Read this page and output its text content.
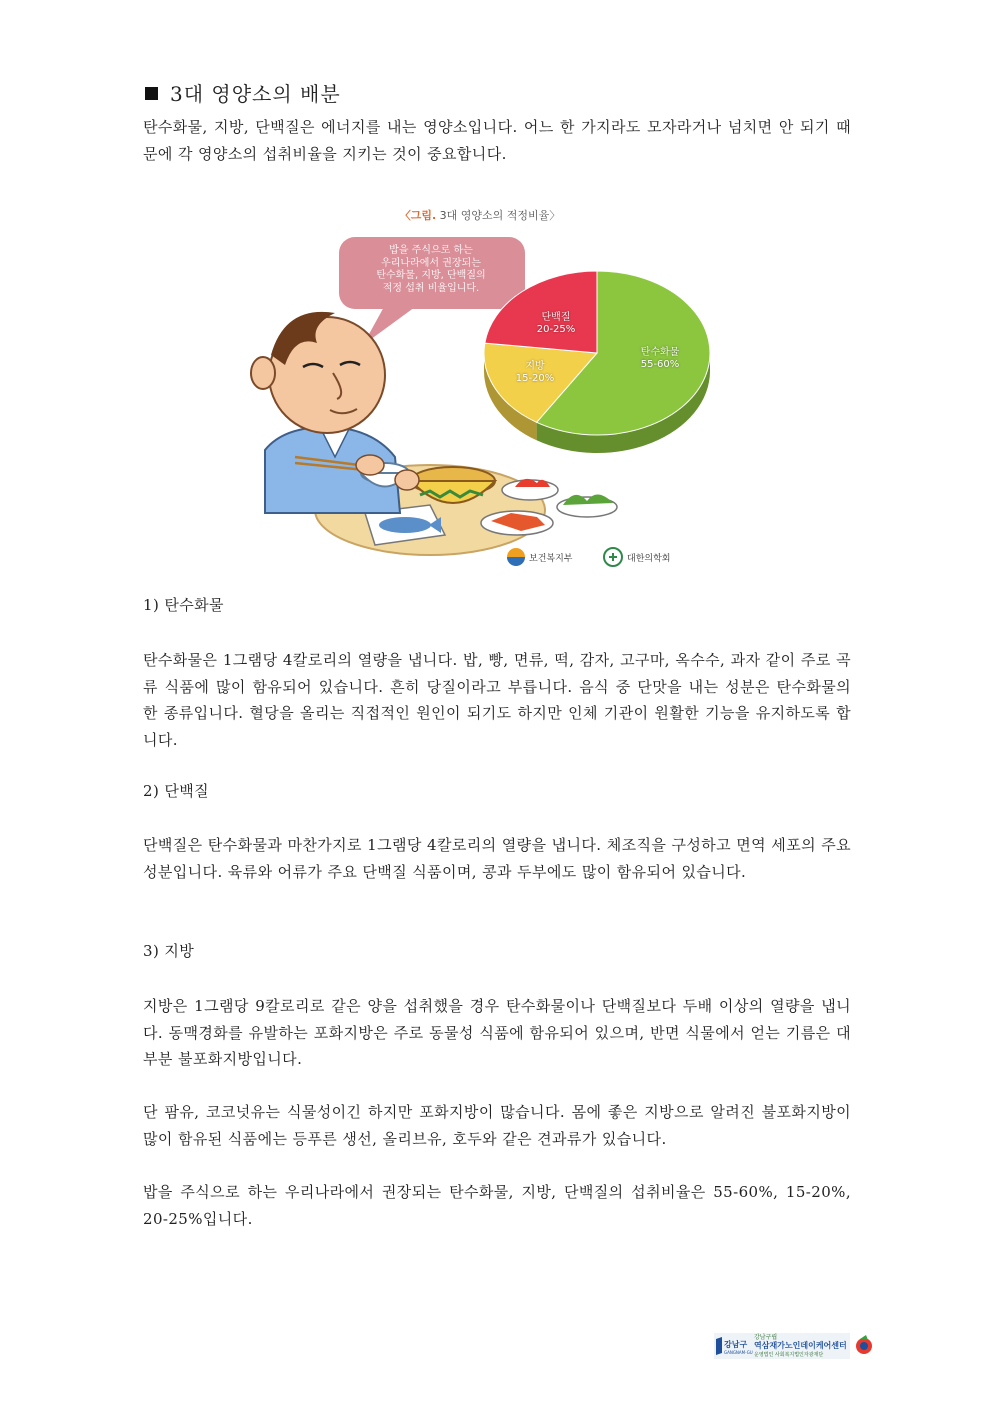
3대 영양소의 배분
탄수화물, 지방, 단백질은 에너지를 내는 영양소입니다. 어느 한 가지라도 모자라거나 넘치면 안 되기 때문에 각 영양소의 섭취비율을 지키는 것이 중요합니다.
〈그림. 3대 영양소의 적정비율〉
밥을 주식으로 하는
우리나라에서 권장되는
탄수화물, 지방, 단백질의
적정 섭취 비율입니다.
탄수화물
55-60%
지방
15-20%
단백질
20-25%
보건복지부	대한의학회
1) 탄수화물
탄수화물은 1그램당 4칼로리의 열량을 냅니다. 밥, 빵, 면류, 떡, 감자, 고구마, 옥수수, 과자 같이 주로 곡류 식품에 많이 함유되어 있습니다. 흔히 당질이라고 부릅니다. 음식 중 단맛을 내는 성분은 탄수화물의 한 종류입니다. 혈당을 올리는 직접적인 원인이 되기도 하지만 인체 기관이 원활한 기능을 유지하도록 합니다.
2) 단백질
단백질은 탄수화물과 마찬가지로 1그램당 4칼로리의 열량을 냅니다. 체조직을 구성하고 면역 세포의 주요성분입니다. 육류와 어류가 주요 단백질 식품이며, 콩과 두부에도 많이 함유되어 있습니다.
3) 지방
지방은 1그램당 9칼로리로 같은 양을 섭취했을 경우 탄수화물이나 단백질보다 두배 이상의 열량을 냅니다. 동맥경화를 유발하는 포화지방은 주로 동물성 식품에 함유되어 있으며, 반면 식물에서 얻는 기름은 대부분 불포화지방입니다.
단 팜유, 코코넛유는 식물성이긴 하지만 포화지방이 많습니다. 몸에 좋은 지방으로 알려진 불포화지방이 많이 함유된 식품에는 등푸른 생선, 올리브유, 호두와 같은 견과류가 있습니다.
밥을 주식으로 하는 우리나라에서 권장되는 탄수화물, 지방, 단백질의 섭취비율은 55-60%, 15-20%, 20-25%입니다.
강남구
GANGNAM-GU
강남구립
역삼재가노인데이케어센터
운영법인 사회복지법인자광재단
